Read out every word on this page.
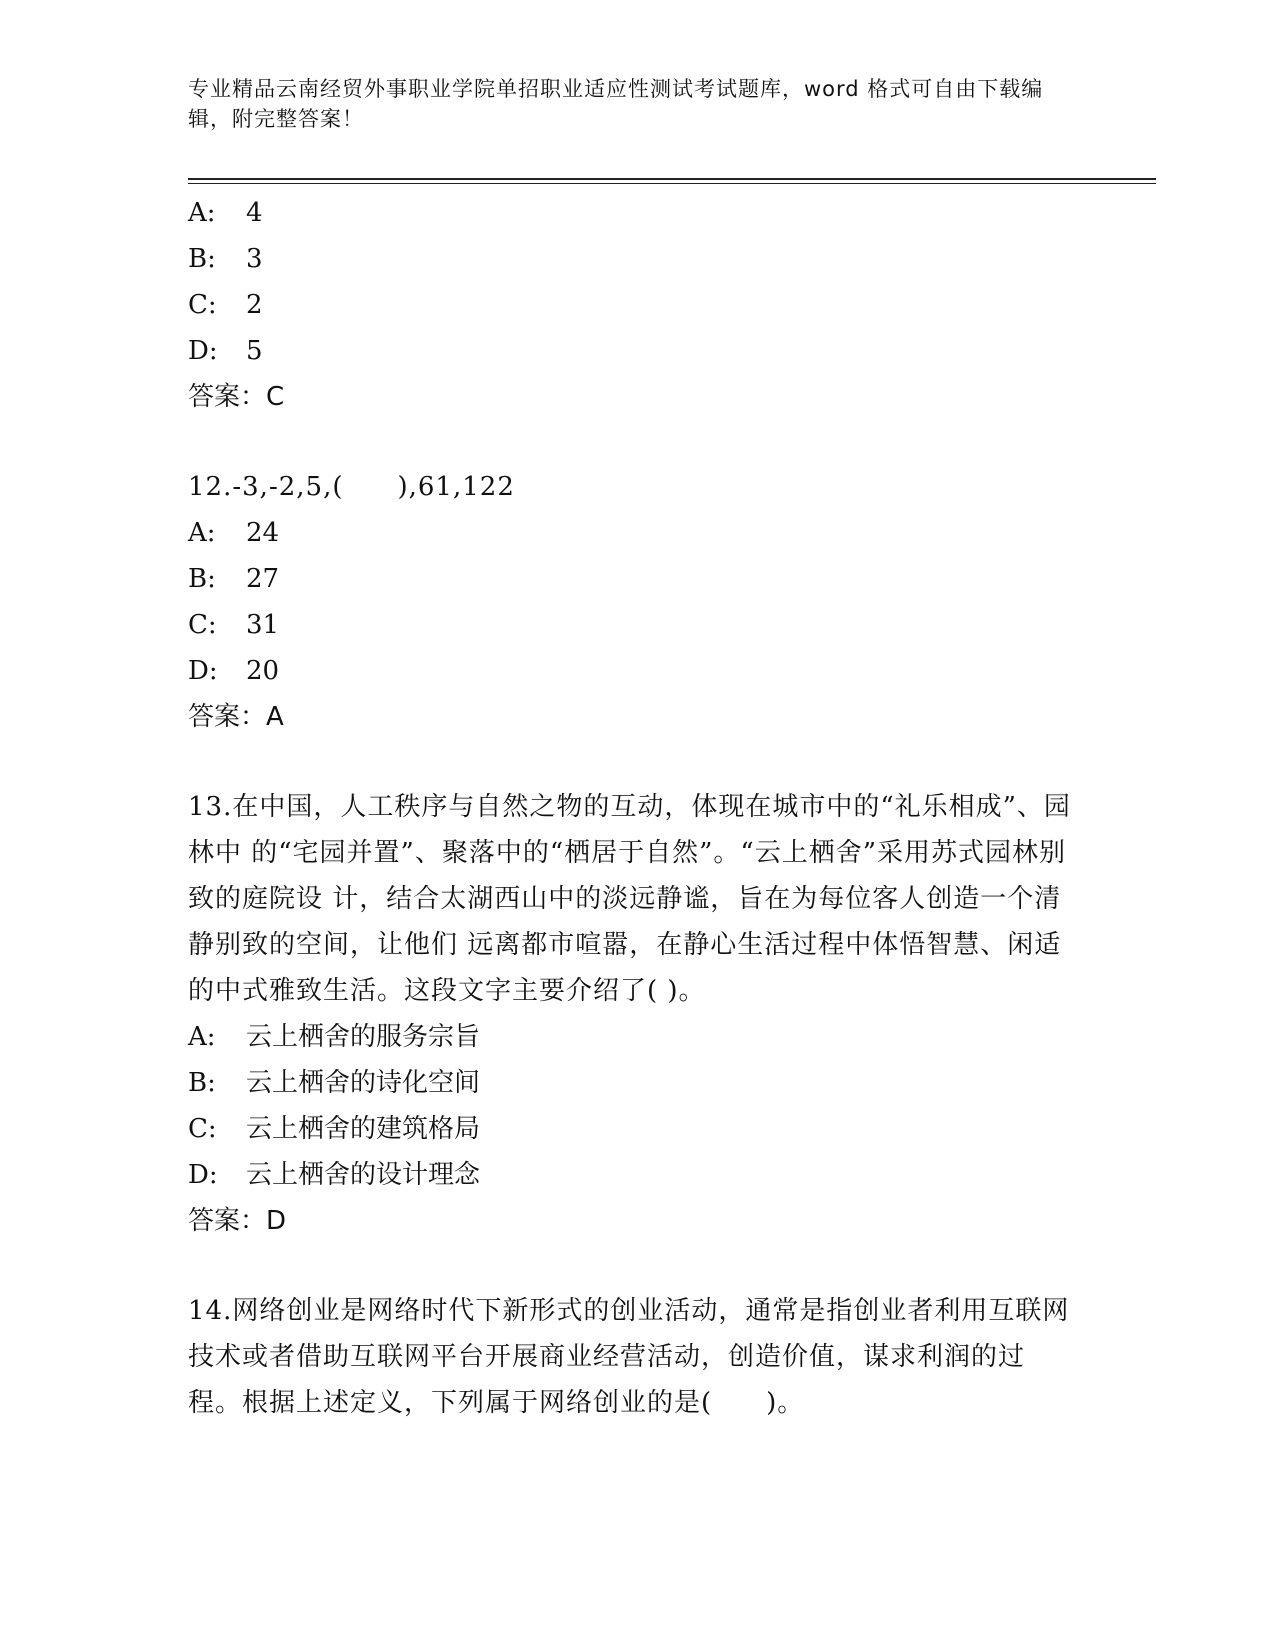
专业精品云南经贸外事职业学院单招职业适应性测试考试题库，word 格式可自由下载编辑，附完整答案！
A: 4
B: 3
C: 2
D: 5
答案：C
12.-3,-2,5,(　　),61,122
A: 24
B: 27
C: 31
D: 20
答案：A
13.在中国，人工秩序与自然之物的互动，体现在城市中的“礼乐相成”、园林中 的“宅园并置”、聚落中的“栖居于自然”。“云上栖舍”采用苏式园林别致的庭院设 计，结合太湖西山中的淡远静谧，旨在为每位客人创造一个清静别致的空间，让他们 远离都市喧嚣，在静心生活过程中体悟智慧、闲适的中式雅致生活。这段文字主要介绍了( )。
A: 云上栖舍的服务宗旨
B: 云上栖舍的诗化空间
C: 云上栖舍的建筑格局
D: 云上栖舍的设计理念
答案：D
14.网络创业是网络时代下新形式的创业活动，通常是指创业者利用互联网技术或者借助互联网平台开展商业经营活动，创造价值，谋求利润的过程。根据上述定义，下列属于网络创业的是(　　)。
